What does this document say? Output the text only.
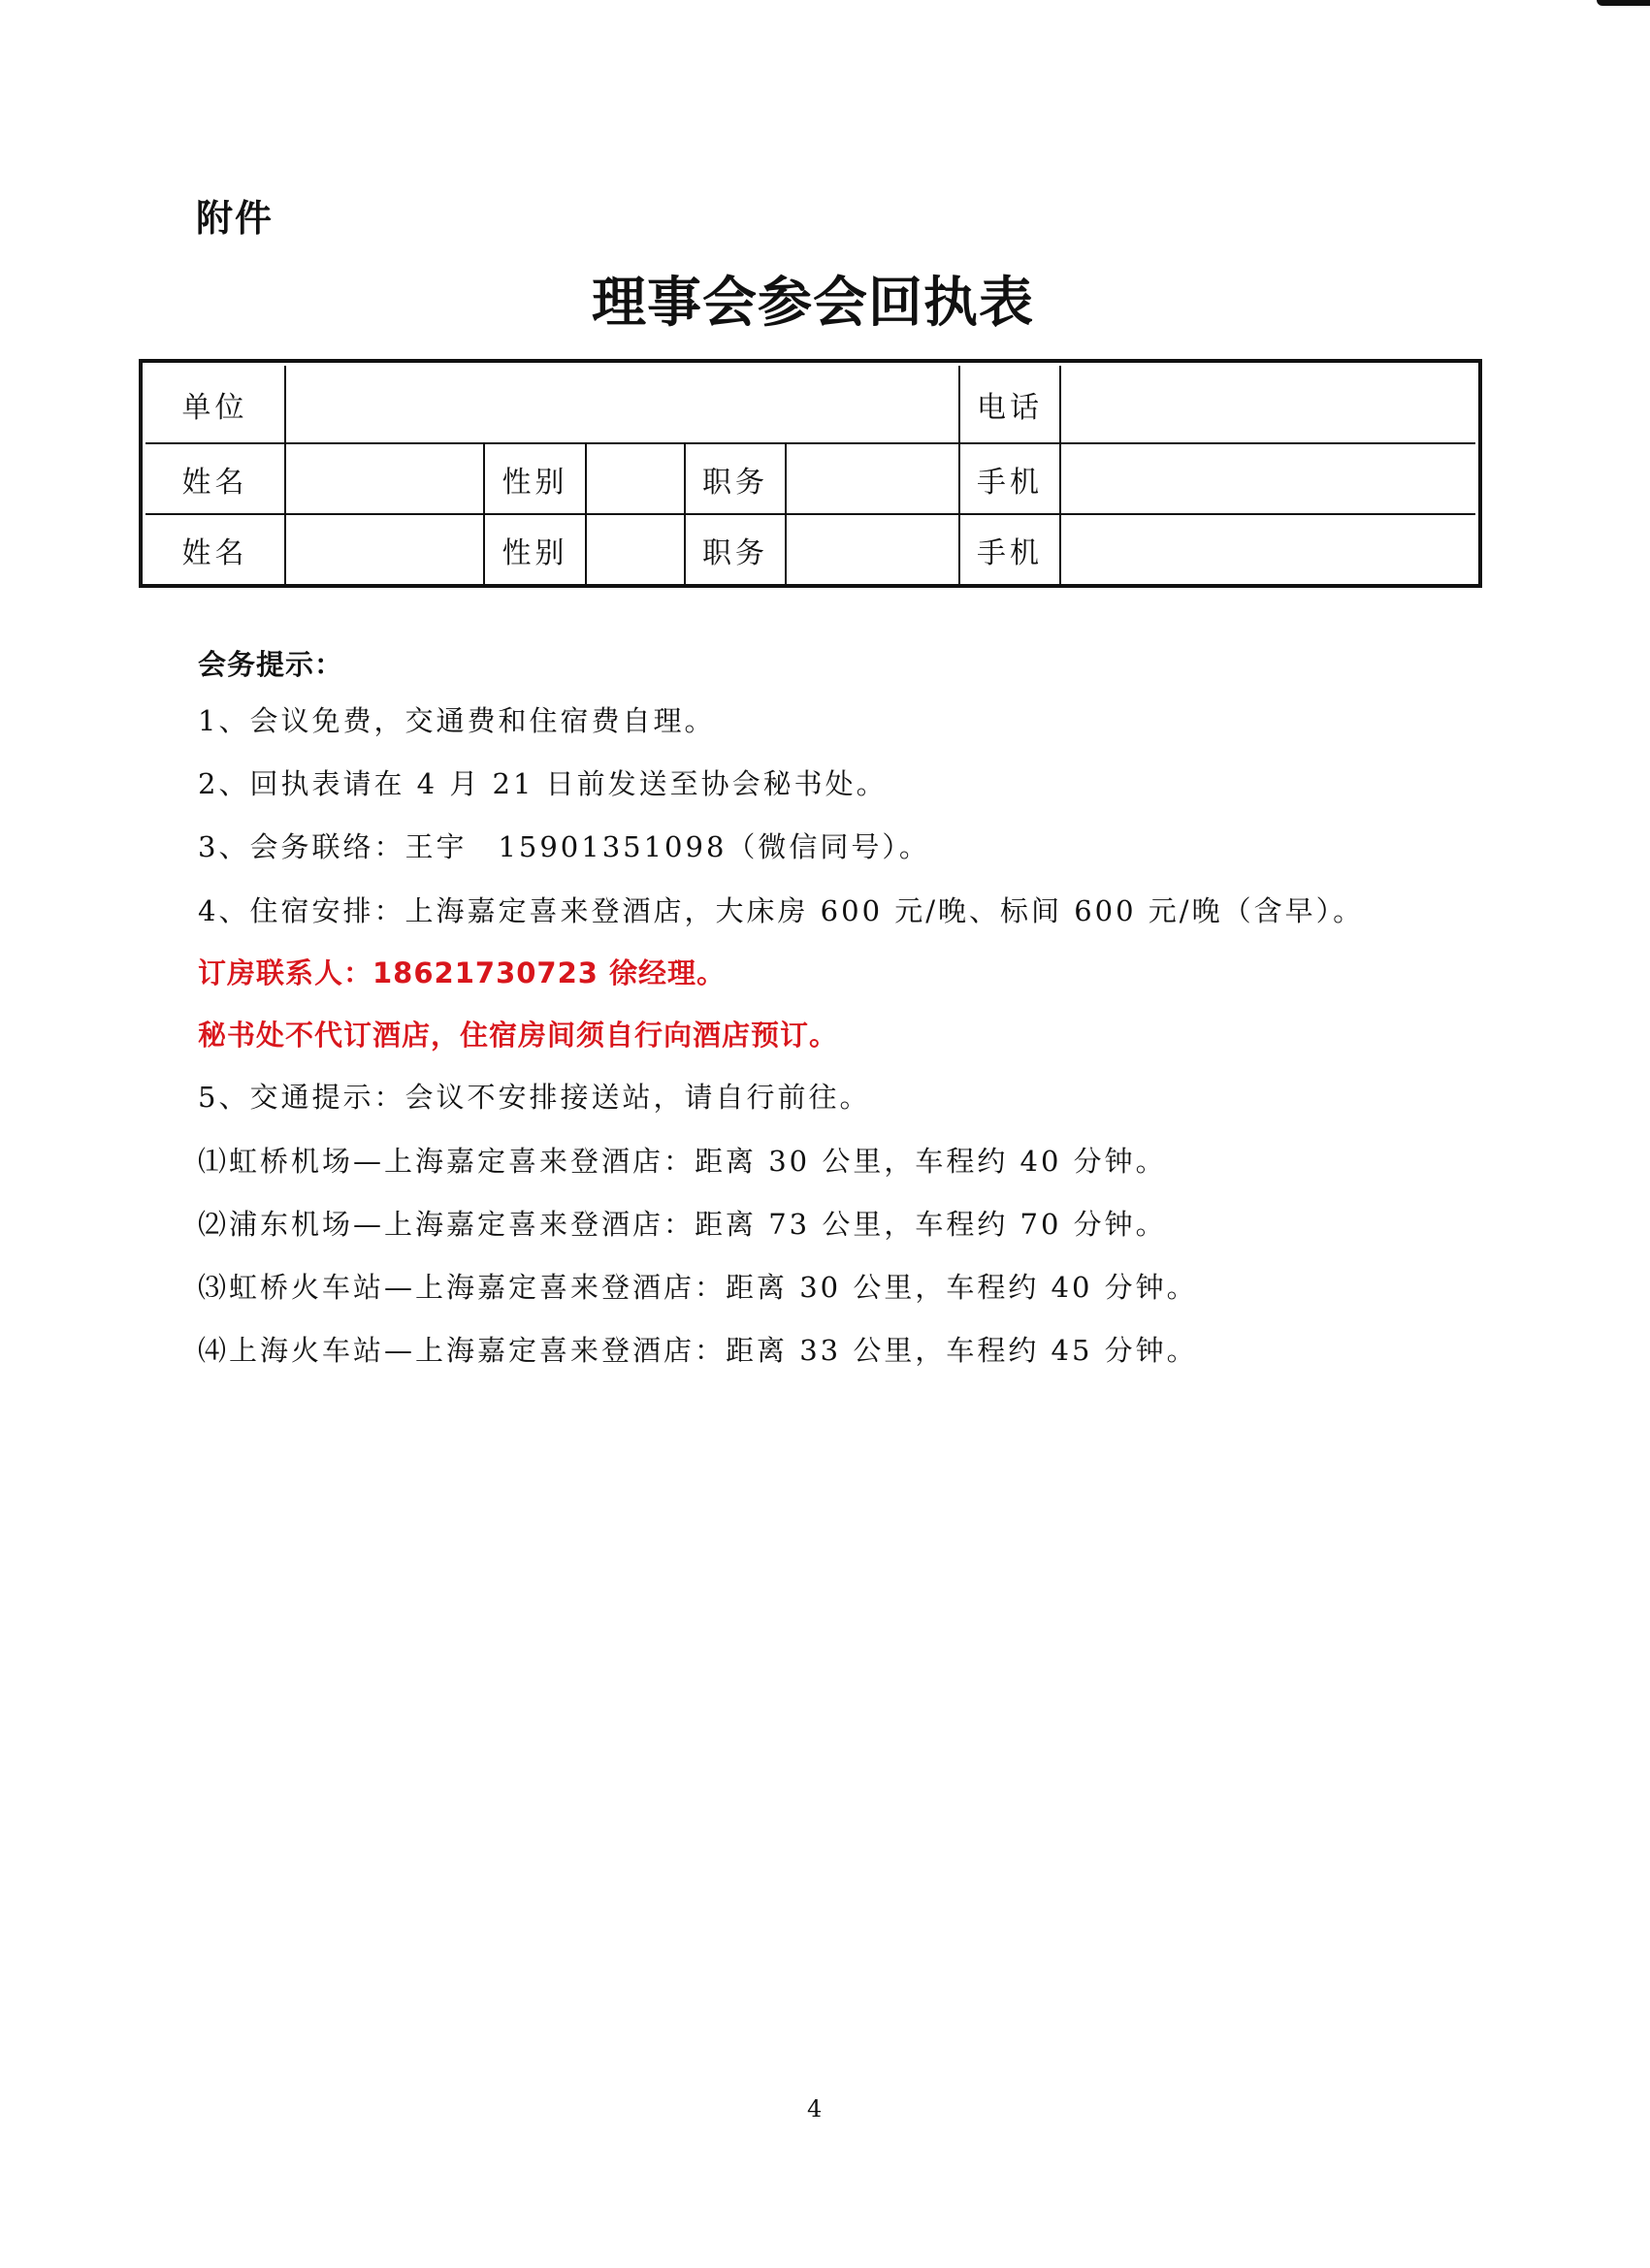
附件
理事会参会回执表
单位						电话	
姓名		性别		职务		手机	
姓名		性别		职务		手机	
会务提示：
1、会议免费，交通费和住宿费自理。
2、回执表请在 4 月 21 日前发送至协会秘书处。
3、会务联络：王宇　15901351098（微信同号）。
4、住宿安排：上海嘉定喜来登酒店，大床房 600 元/晚、标间 600 元/晚（含早）。
订房联系人：18621730723 徐经理。
秘书处不代订酒店，住宿房间须自行向酒店预订。
5、交通提示：会议不安排接送站，请自行前往。
⑴虹桥机场—上海嘉定喜来登酒店：距离 30 公里，车程约 40 分钟。
⑵浦东机场—上海嘉定喜来登酒店：距离 73 公里，车程约 70 分钟。
⑶虹桥火车站—上海嘉定喜来登酒店：距离 30 公里，车程约 40 分钟。
⑷上海火车站—上海嘉定喜来登酒店：距离 33 公里，车程约 45 分钟。
4
